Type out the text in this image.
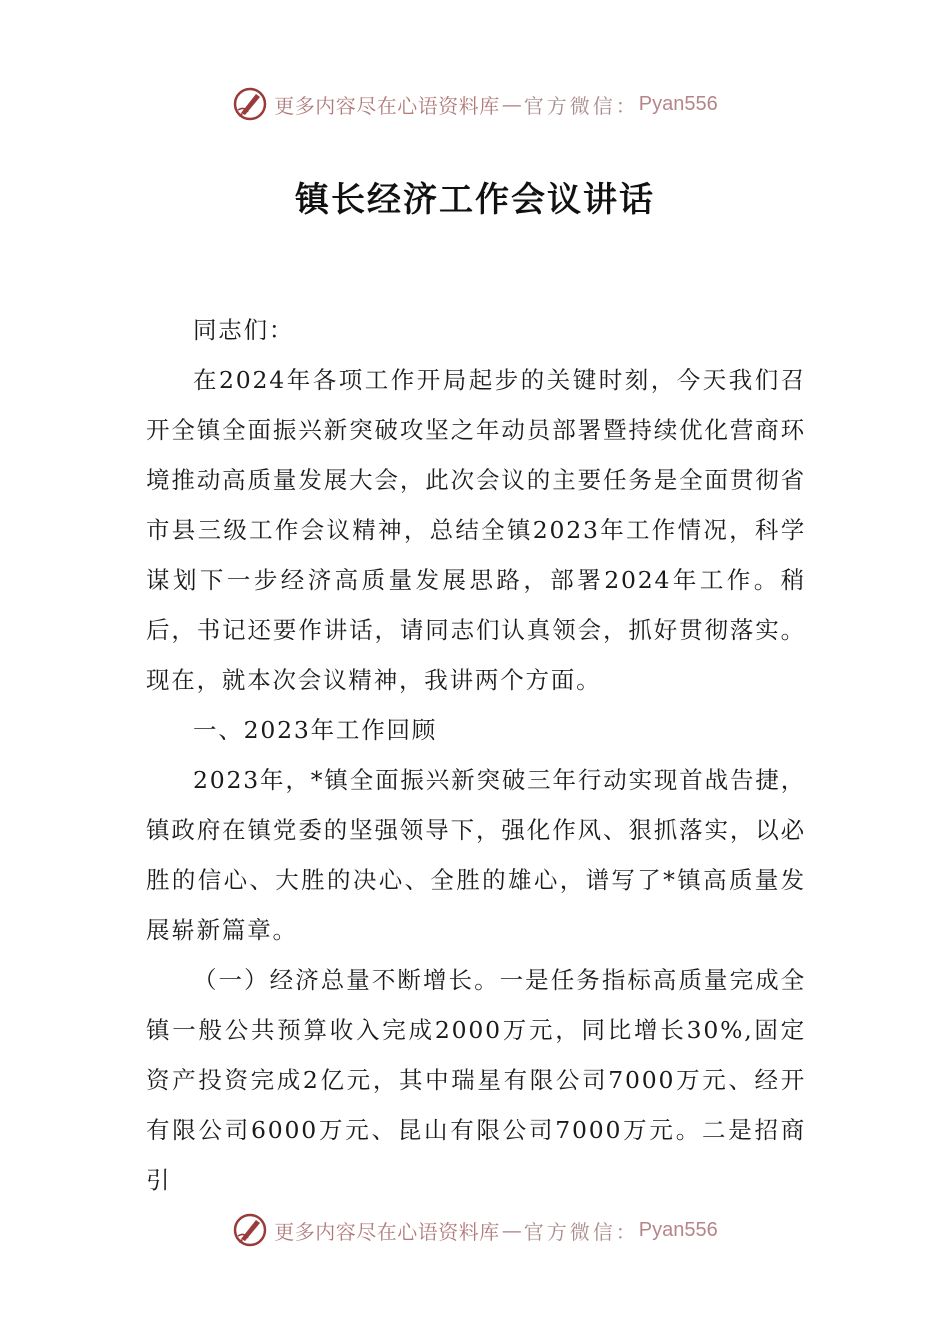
更多内容尽在心语资料库 — 官方微信： Pyan556
镇长经济工作会议讲话

同志们：

在2024年各项工作开局起步的关键时刻，今天我们召开全镇全面振兴新突破攻坚之年动员部署暨持续优化营商环境推动高质量发展大会，此次会议的主要任务是全面贯彻省市县三级工作会议精神，总结全镇2023年工作情况，科学谋划下一步经济高质量发展思路，部署2024年工作。稍后，书记还要作讲话，请同志们认真领会，抓好贯彻落实。现在，就本次会议精神，我讲两个方面。

一、2023年工作回顾

2023年，*镇全面振兴新突破三年行动实现首战告捷，镇政府在镇党委的坚强领导下，强化作风、狠抓落实，以必胜的信心、大胜的决心、全胜的雄心，谱写了*镇高质量发展崭新篇章。

（一）经济总量不断增长。一是任务指标高质量完成全镇一般公共预算收入完成2000万元，同比增长30%,固定资产投资完成2亿元，其中瑞星有限公司7000万元、经开有限公司6000万元、昆山有限公司7000万元。二是招商引

更多内容尽在心语资料库 — 官方微信： Pyan556
